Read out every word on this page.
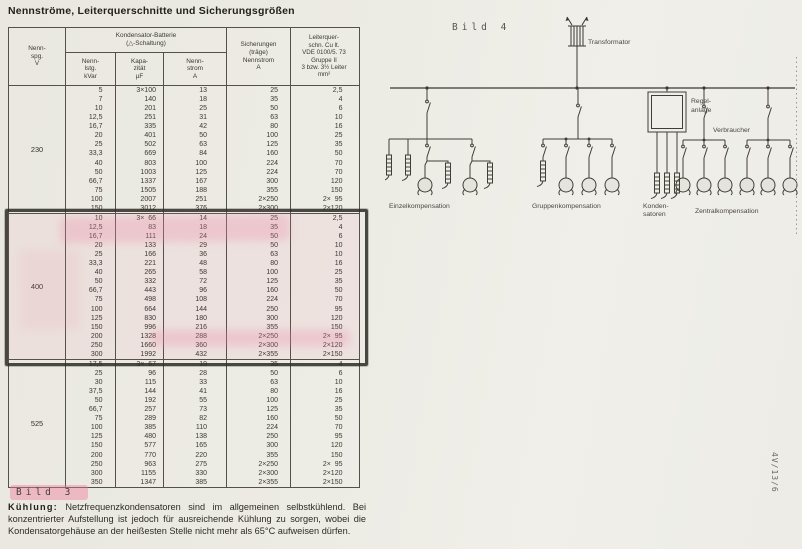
Nennströme, Leiterquerschnitte und Sicherungsgrößen
Nenn-
spg.
V
Kondensator-Batterie
(△-Schaltung)
Nenn-
lstg.
kVar
Kapa-
zität
µF
Nenn-
strom
A
Sicherungen
(träge)
Nennstrom
A
Leiterquer-
schn. Cu lt.
VDE 0100/5. 73
Gruppe II
3 bzw. 3½ Leiter
mm²
230
5
7
10
12,5
16,7
20
25
33,3
40
50
66,7
75
100
150
3×100
140
201
251
335
401
502
669
803
1003
1337
1505
2007
3012
13
18
25
31
42
50
63
84
100
125
167
188
251
376
25
35
50
63
80
100
125
160
224
224
300
355
2×250
2×300
2,5
4
6
10
16
25
35
50
70
70
120
150
2×  95
2×120
400
10
12,5
16,7
20
25
33,3
40
50
66,7
75
100
125
150
200
250
300
3×  66
83
111
133
166
221
265
332
443
498
664
830
996
1328
1660
1992
14
18
24
29
36
48
58
72
96
108
144
180
216
288
360
432
25
35
50
50
63
80
100
125
160
224
250
300
355
2×250
2×300
2×355
2,5
4
6
10
10
16
25
35
50
70
95
120
150
2×  95
2×120
2×150
525
17,5
25
30
37,5
50
66,7
75
100
125
150
200
250
300
350
3×  67
96
115
144
192
257
289
385
480
577
770
963
1155
1347
19
28
33
41
55
73
82
110
138
165
220
275
330
385
35
50
63
80
100
125
160
224
250
300
355
2×250
2×300
2×355
4
6
10
16
25
35
50
70
95
120
150
2×  95
2×120
2×150
Bild 3
Bild 4
4V/13/6
Kühlung: Netzfrequenzkondensatoren sind im allgemeinen selbstkühlend. Bei konzentrierter Aufstellung ist jedoch für ausreichende Kühlung zu sorgen, wobei die Kondensatorgehäuse an der heißesten Stelle nicht mehr als 65°C aufweisen dürfen.
Transformator
Einzelkompensation	Gruppenkompensation
Regel-
anlage
Verbraucher
Konden-
satoren	Zentralkompensation
